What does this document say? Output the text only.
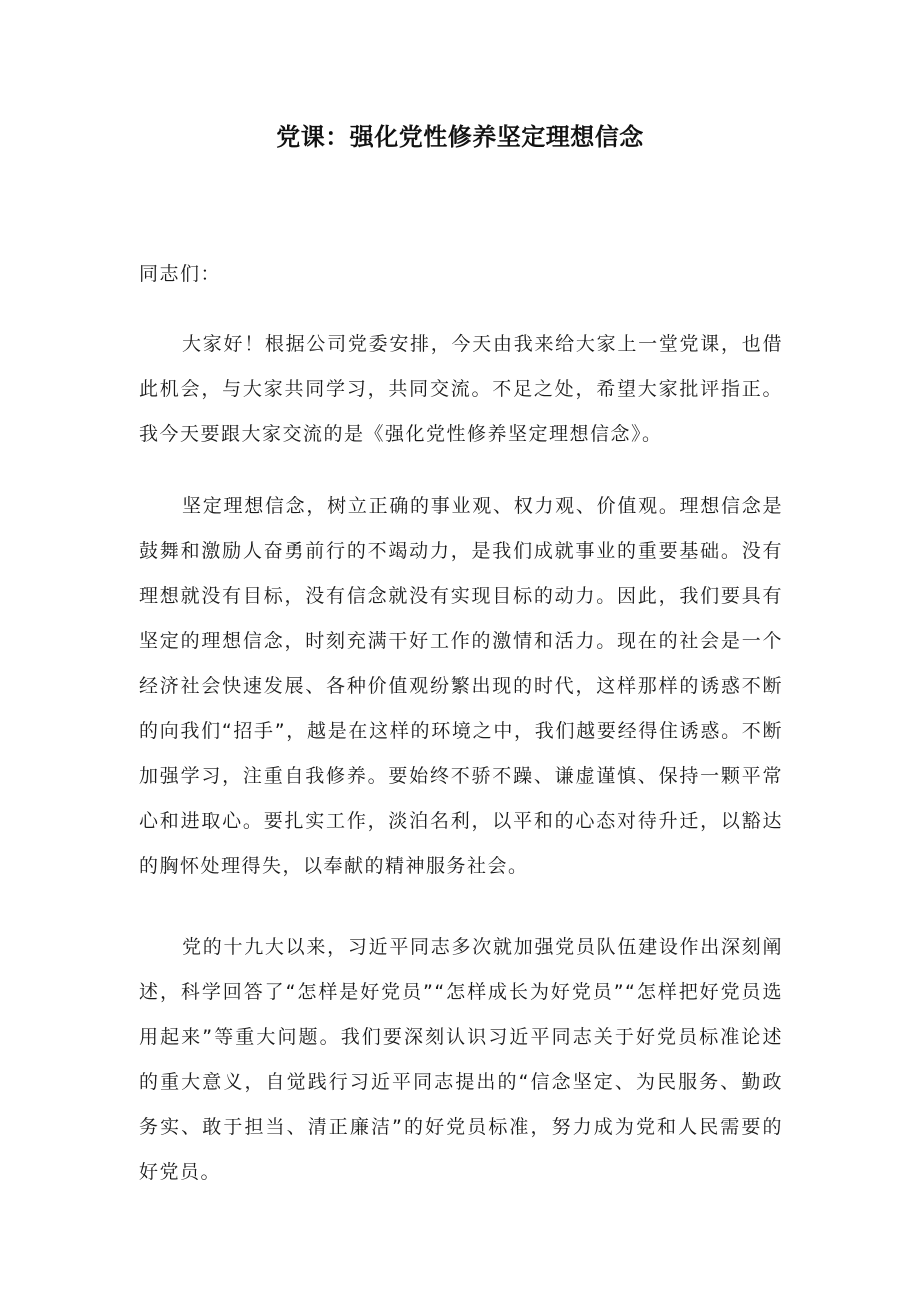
党课：强化党性修养坚定理想信念

同志们：

大家好！根据公司党委安排，今天由我来给大家上一堂党课，也借此机会，与大家共同学习，共同交流。不足之处，希望大家批评指正。我今天要跟大家交流的是《强化党性修养坚定理想信念》。

坚定理想信念，树立正确的事业观、权力观、价值观。理想信念是鼓舞和激励人奋勇前行的不竭动力，是我们成就事业的重要基础。没有理想就没有目标，没有信念就没有实现目标的动力。因此，我们要具有坚定的理想信念，时刻充满干好工作的激情和活力。现在的社会是一个经济社会快速发展、各种价值观纷繁出现的时代，这样那样的诱惑不断的向我们“招手”，越是在这样的环境之中，我们越要经得住诱惑。不断加强学习，注重自我修养。要始终不骄不躁、谦虚谨慎、保持一颗平常心和进取心。要扎实工作，淡泊名利，以平和的心态对待升迁，以豁达的胸怀处理得失，以奉献的精神服务社会。

党的十九大以来，习近平同志多次就加强党员队伍建设作出深刻阐述，科学回答了“怎样是好党员”“怎样成长为好党员”“怎样把好党员选用起来”等重大问题。我们要深刻认识习近平同志关于好党员标准论述的重大意义，自觉践行习近平同志提出的“信念坚定、为民服务、勤政务实、敢于担当、清正廉洁”的好党员标准，努力成为党和人民需要的好党员。
